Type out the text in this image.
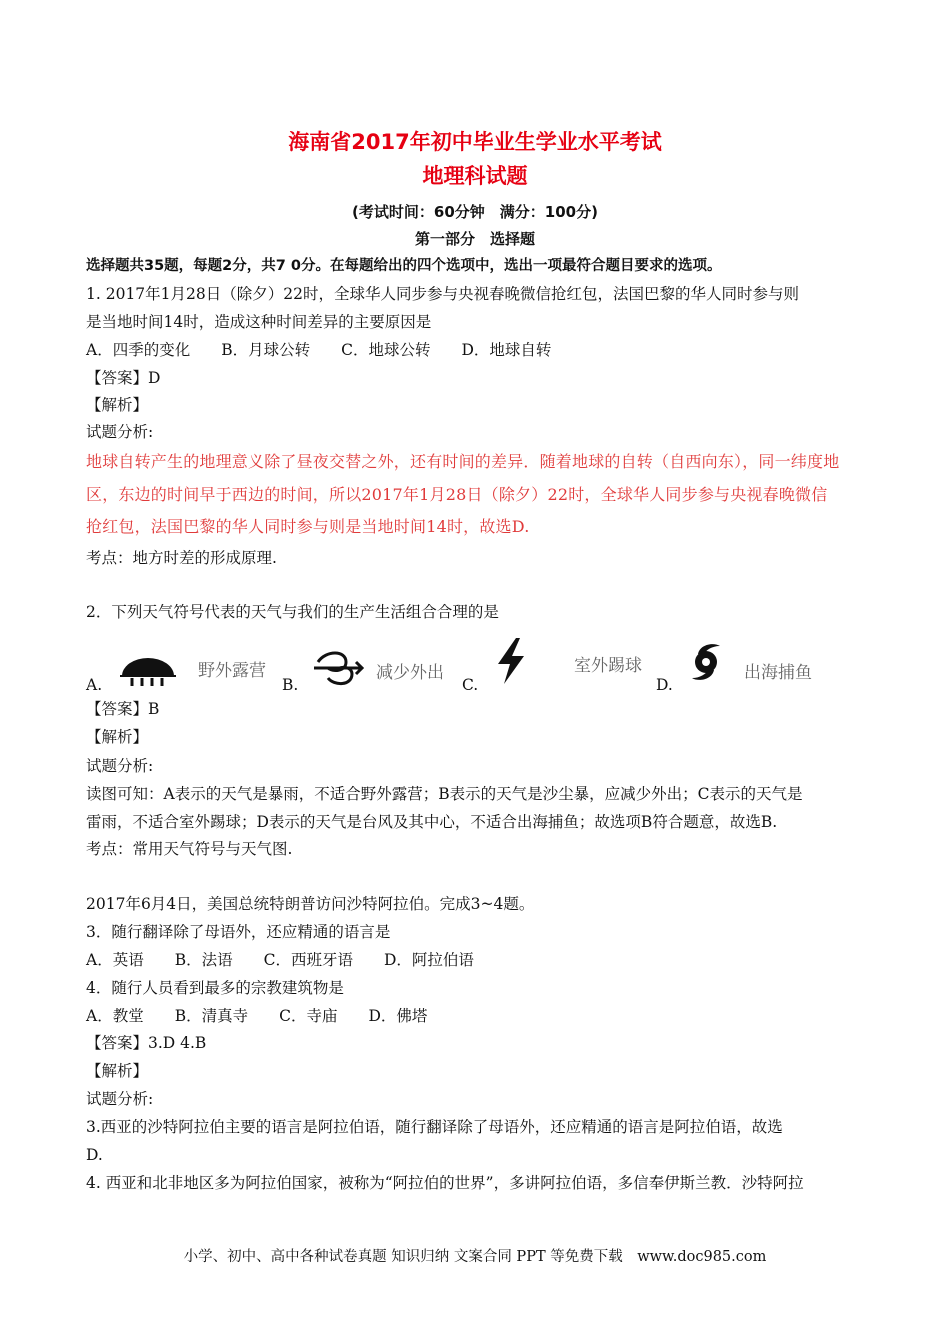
海南省2017年初中毕业生学业水平考试
地理科试题
(考试时间：60分钟　满分：100分)
第一部分　选择题
选择题共35题，每题2分，共7 0分。在每题给出的四个选项中，选出一项最符合题目要求的选项。
1. 2017年1月28日（除夕）22时，全球华人同步参与央视春晚微信抢红包，法国巴黎的华人同时参与则
是当地时间14时，造成这种时间差异的主要原因是
A．四季的变化　　B．月球公转　　C．地球公转　　D．地球自转
【答案】D
【解析】
试题分析:
地球自转产生的地理意义除了昼夜交替之外，还有时间的差异．随着地球的自转（自西向东），同一纬度地
区，东边的时间早于西边的时间，所以2017年1月28日（除夕）22时，全球华人同步参与央视春晚微信
抢红包，法国巴黎的华人同时参与则是当地时间14时，故选D.
考点：地方时差的形成原理.
2．下列天气符号代表的天气与我们的生产生活组合合理的是
A.
野外露营
B.
减少外出
C.
室外踢球
D.
出海捕鱼
【答案】B
【解析】
试题分析:
读图可知：A表示的天气是暴雨，不适合野外露营；B表示的天气是沙尘暴，应减少外出；C表示的天气是
雷雨，不适合室外踢球；D表示的天气是台风及其中心，不适合出海捕鱼；故选项B符合题意，故选B.
考点：常用天气符号与天气图.
2017年6月4日，美国总统特朗普访问沙特阿拉伯。完成3~4题。
3．随行翻译除了母语外，还应精通的语言是
A．英语　　B．法语　　C．西班牙语　　D．阿拉伯语
4．随行人员看到最多的宗教建筑物是
A．教堂　　B．清真寺　　C．寺庙　　D．佛塔
【答案】3.D 4.B
【解析】
试题分析:
3.西亚的沙特阿拉伯主要的语言是阿拉伯语，随行翻译除了母语外，还应精通的语言是阿拉伯语，故选
D.
4. 西亚和北非地区多为阿拉伯国家，被称为“阿拉伯的世界”，多讲阿拉伯语，多信奉伊斯兰教．沙特阿拉
小学、初中、高中各种试卷真题 知识归纳 文案合同 PPT 等免费下载　www.doc985.com
